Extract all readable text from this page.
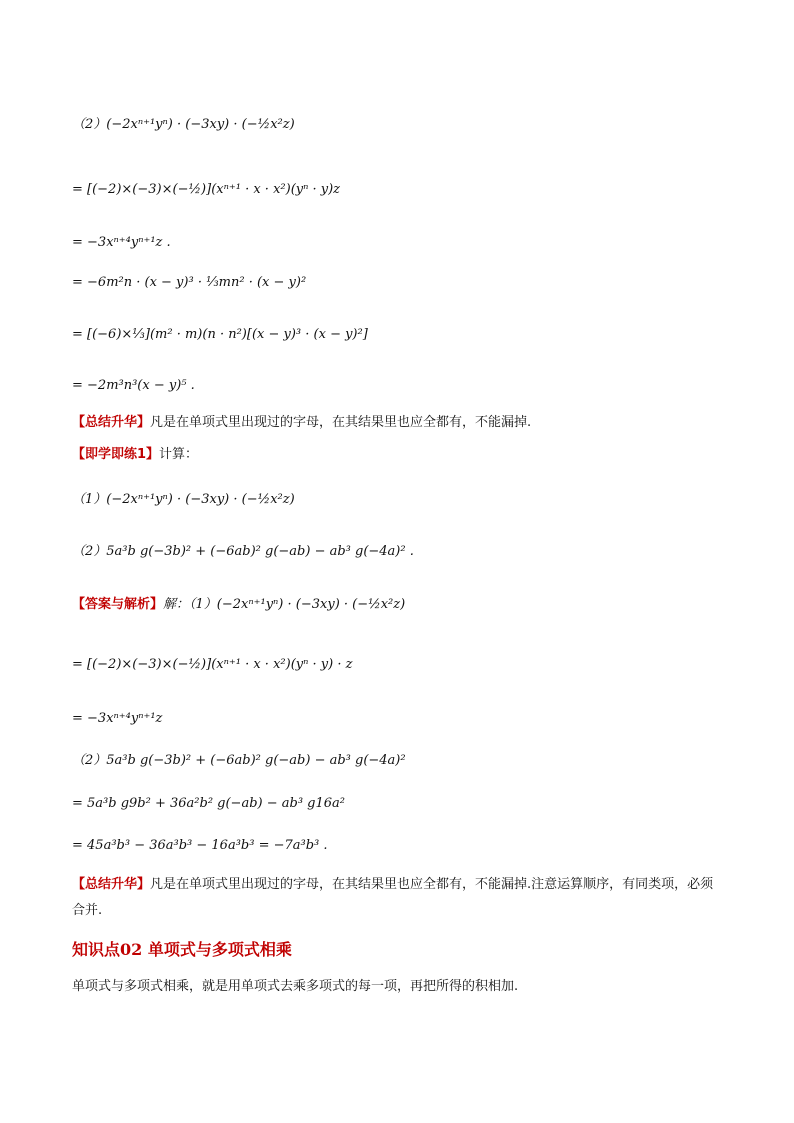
（2）(−2xⁿ⁺¹yⁿ) · (−3xy) · (−½x²z)
= [(−2)×(−3)×(−½)](xⁿ⁺¹ · x · x²)(yⁿ · y)z
= −3xⁿ⁺⁴yⁿ⁺¹z .
= −6m²n · (x − y)³ · ⅓mn² · (x − y)²
= [(−6)×⅓](m² · m)(n · n²)[(x − y)³ · (x − y)²]
= −2m³n³(x − y)⁵ .
【总结升华】凡是在单项式里出现过的字母，在其结果里也应全都有，不能漏掉.
【即学即练1】计算：
（1）(−2xⁿ⁺¹yⁿ) · (−3xy) · (−½x²z)
（2）5a³b g(−3b)² + (−6ab)² g(−ab) − ab³ g(−4a)² .
【答案与解析】解：（1）(−2xⁿ⁺¹yⁿ) · (−3xy) · (−½x²z)
= [(−2)×(−3)×(−½)](xⁿ⁺¹ · x · x²)(yⁿ · y) · z
= −3xⁿ⁺⁴yⁿ⁺¹z
（2）5a³b g(−3b)² + (−6ab)² g(−ab) − ab³ g(−4a)²
= 5a³b g9b² + 36a²b² g(−ab) − ab³ g16a²
= 45a³b³ − 36a³b³ − 16a³b³ = −7a³b³ .
【总结升华】凡是在单项式里出现过的字母，在其结果里也应全都有，不能漏掉.注意运算顺序，有同类项，必须合并.
知识点02 单项式与多项式相乘
单项式与多项式相乘，就是用单项式去乘多项式的每一项，再把所得的积相加.
